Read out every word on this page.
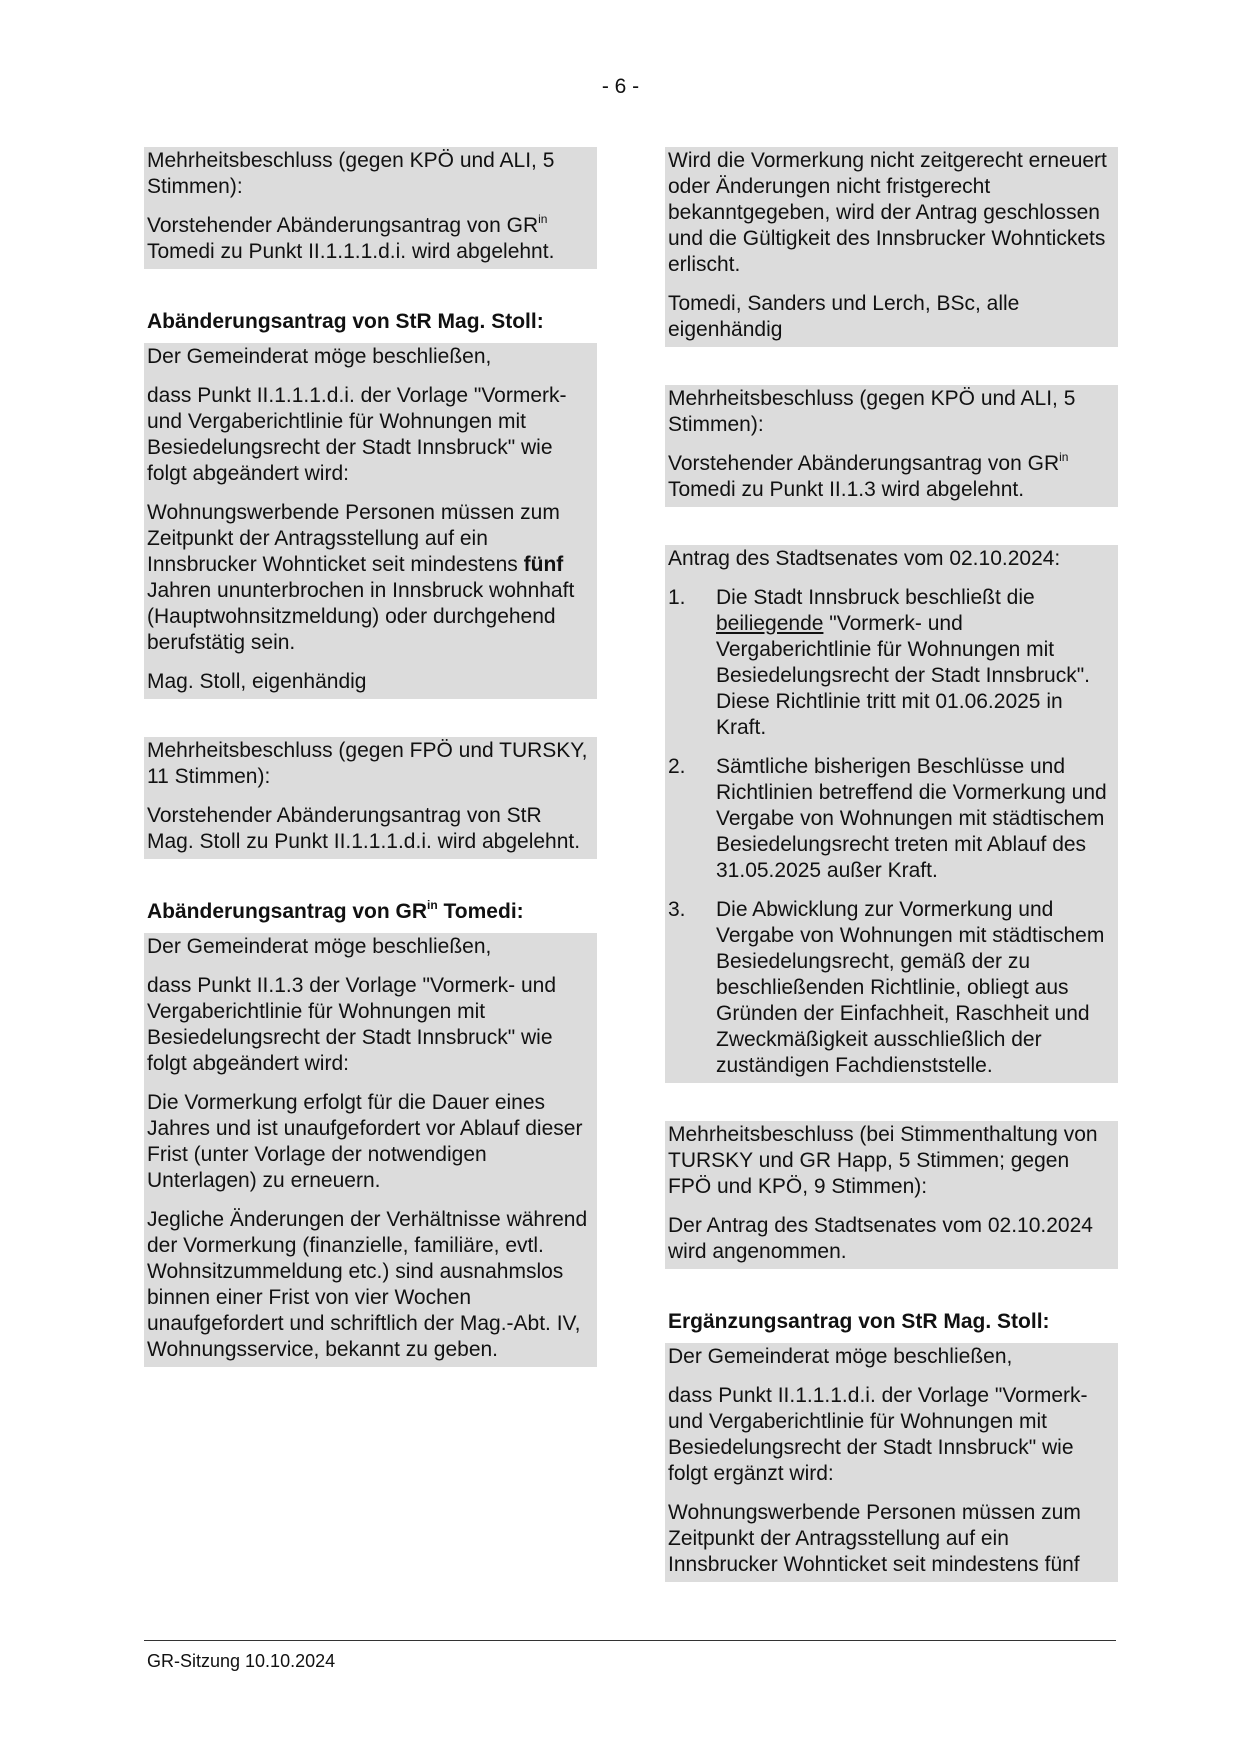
- 6 -

Mehrheitsbeschluss (gegen KPÖ und ALI, 5 Stimmen):

Vorstehender Abänderungsantrag von $GR^{in}$ Tomedi zu Punkt II.1.1.1.d.i. wird abgelehnt.

Abänderungsantrag von StR Mag. Stoll:

Der Gemeinderat möge beschließen,

dass Punkt II.1.1.1.d.i. der Vorlage "Vormerk- und Vergaberichtlinie für Wohnungen mit Besiedelungsrecht der Stadt Innsbruck" wie folgt abgeändert wird:

Wohnungswerbende Personen müssen zum Zeitpunkt der Antragsstellung auf ein Innsbrucker Wohnticket seit mindestens fünf Jahren ununterbrochen in Innsbruck wohnhaft (Hauptwohnsitzmeldung) oder durchgehend berufstätig sein.

Mag. Stoll, eigenhändig

Mehrheitsbeschluss (gegen FPÖ und TURSKY, 11 Stimmen):

Vorstehender Abänderungsantrag von StR Mag. Stoll zu Punkt II.1.1.1.d.i. wird abgelehnt.

Abänderungsantrag von $GR^{in}$ Tomedi:

Der Gemeinderat möge beschließen,

dass Punkt II.1.3 der Vorlage "Vormerk- und Vergaberichtlinie für Wohnungen mit Besiedelungsrecht der Stadt Innsbruck" wie folgt abgeändert wird:

Die Vormerkung erfolgt für die Dauer eines Jahres und ist unaufgefordert vor Ablauf dieser Frist (unter Vorlage der notwendigen Unterlagen) zu erneuern.

Jegliche Änderungen der Verhältnisse während der Vormerkung (finanzielle, familiäre, evtl. Wohnsitzummeldung etc.) sind ausnahmslos binnen einer Frist von vier Wochen unaufgefordert und schriftlich der Mag.-Abt. IV, Wohnungsservice, bekannt zu geben.

Wird die Vormerkung nicht zeitgerecht erneuert oder Änderungen nicht fristgerecht bekanntgegeben, wird der Antrag geschlossen und die Gültigkeit des Innsbrucker Wohntickets erlischt.

Tomedi, Sanders und Lerch, BSc, alle eigenhändig

Mehrheitsbeschluss (gegen KPÖ und ALI, 5 Stimmen):

Vorstehender Abänderungsantrag von $GR^{in}$ Tomedi zu Punkt II.1.3 wird abgelehnt.

Antrag des Stadtsenates vom 02.10.2024:

1.	Die Stadt Innsbruck beschließt die beiliegende "Vormerk- und Vergaberichtlinie für Wohnungen mit Besiedelungsrecht der Stadt Innsbruck". Diese Richtlinie tritt mit 01.06.2025 in Kraft.
2.	Sämtliche bisherigen Beschlüsse und Richtlinien betreffend die Vormerkung und Vergabe von Wohnungen mit städtischem Besiedelungsrecht treten mit Ablauf des 31.05.2025 außer Kraft.
3.	Die Abwicklung zur Vormerkung und Vergabe von Wohnungen mit städtischem Besiedelungsrecht, gemäß der zu beschließenden Richtlinie, obliegt aus Gründen der Einfachheit, Raschheit und Zweckmäßigkeit ausschließlich der zuständigen Fachdienststelle.

Mehrheitsbeschluss (bei Stimmenthaltung von TURSKY und GR Happ, 5 Stimmen; gegen FPÖ und KPÖ, 9 Stimmen):

Der Antrag des Stadtsenates vom 02.10.2024 wird angenommen.

Ergänzungsantrag von StR Mag. Stoll:

Der Gemeinderat möge beschließen,

dass Punkt II.1.1.1.d.i. der Vorlage "Vormerk- und Vergaberichtlinie für Wohnungen mit Besiedelungsrecht der Stadt Innsbruck" wie folgt ergänzt wird:

Wohnungswerbende Personen müssen zum Zeitpunkt der Antragsstellung auf ein Innsbrucker Wohnticket seit mindestens fünf

GR-Sitzung 10.10.2024
